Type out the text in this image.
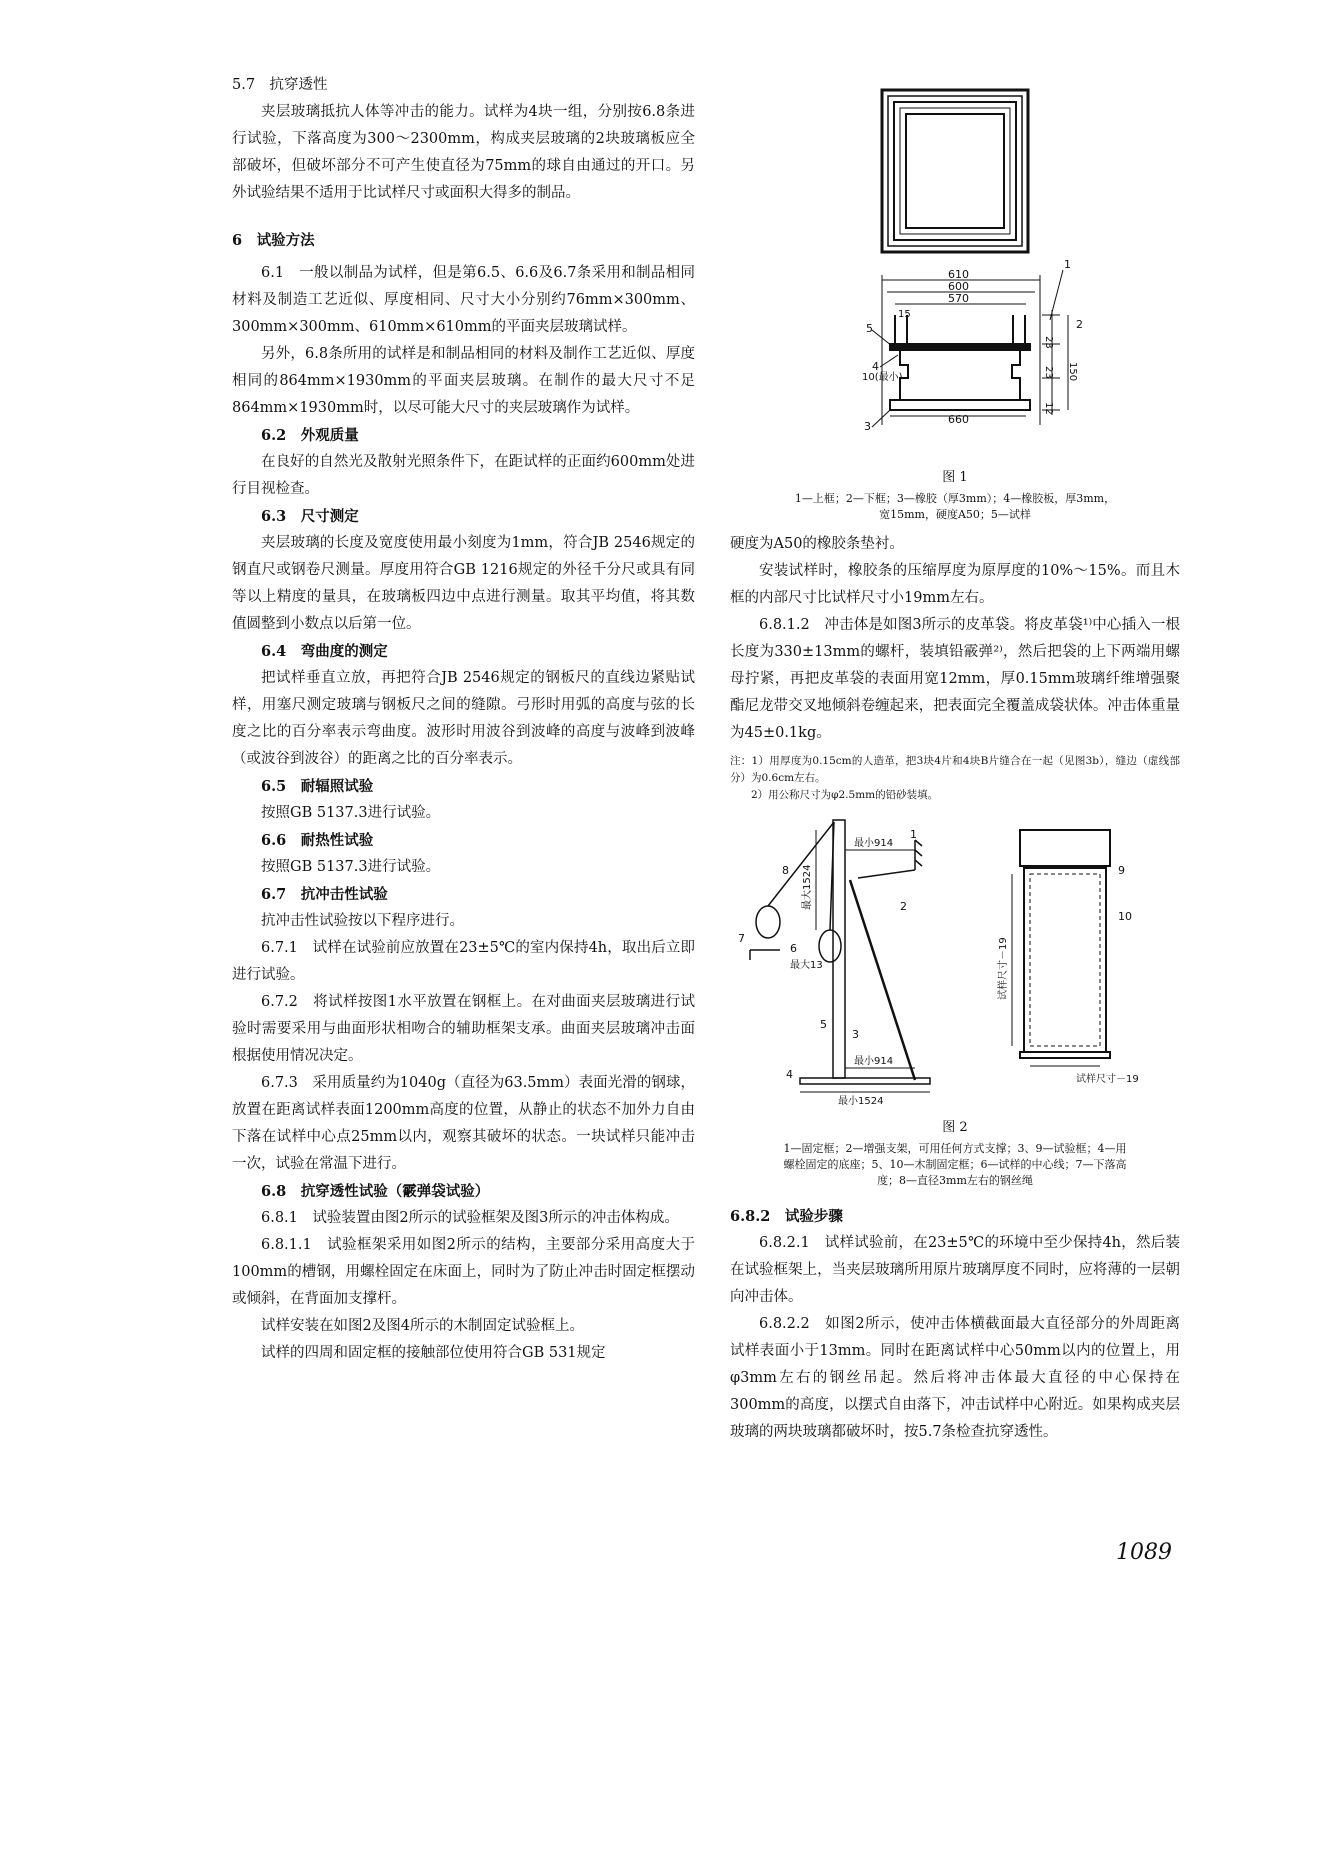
5.7　抗穿透性

夹层玻璃抵抗人体等冲击的能力。试样为4块一组，分别按6.8条进行试验，下落高度为300～2300mm，构成夹层玻璃的2块玻璃板应全部破坏，但破坏部分不可产生使直径为75mm的球自由通过的开口。另外试验结果不适用于比试样尺寸或面积大得多的制品。

6　试验方法

6.1　一般以制品为试样，但是第6.5、6.6及6.7条采用和制品相同材料及制造工艺近似、厚度相同、尺寸大小分别约76mm×300mm、300mm×300mm、610mm×610mm的平面夹层玻璃试样。

另外，6.8条所用的试样是和制品相同的材料及制作工艺近似、厚度相同的864mm×1930mm的平面夹层玻璃。在制作的最大尺寸不足864mm×1930mm时，以尽可能大尺寸的夹层玻璃作为试样。

6.2　外观质量

在良好的自然光及散射光照条件下，在距试样的正面约600mm处进行目视检查。

6.3　尺寸测定

夹层玻璃的长度及宽度使用最小刻度为1mm，符合JB 2546规定的钢直尺或钢卷尺测量。厚度用符合GB 1216规定的外径千分尺或具有同等以上精度的量具，在玻璃板四边中点进行测量。取其平均值，将其数值圆整到小数点以后第一位。

6.4　弯曲度的测定

把试样垂直立放，再把符合JB 2546规定的钢板尺的直线边紧贴试样，用塞尺测定玻璃与钢板尺之间的缝隙。弓形时用弧的高度与弦的长度之比的百分率表示弯曲度。波形时用波谷到波峰的高度与波峰到波峰（或波谷到波谷）的距离之比的百分率表示。

6.5　耐辐照试验

按照GB 5137.3进行试验。

6.6　耐热性试验

按照GB 5137.3进行试验。

6.7　抗冲击性试验

抗冲击性试验按以下程序进行。

6.7.1　试样在试验前应放置在23±5℃的室内保持4h，取出后立即进行试验。

6.7.2　将试样按图1水平放置在钢框上。在对曲面夹层玻璃进行试验时需要采用与曲面形状相吻合的辅助框架支承。曲面夹层玻璃冲击面根据使用情况决定。

6.7.3　采用质量约为1040g（直径为63.5mm）表面光滑的钢球，放置在距离试样表面1200mm高度的位置，从静止的状态不加外力自由下落在试样中心点25mm以内，观察其破坏的状态。一块试样只能冲击一次，试验在常温下进行。

6.8　抗穿透性试验（霰弹袋试验）

6.8.1　试验装置由图2所示的试验框架及图3所示的冲击体构成。

6.8.1.1　试验框架采用如图2所示的结构，主要部分采用高度大于100mm的槽钢，用螺栓固定在床面上，同时为了防止冲击时固定框摆动或倾斜，在背面加支撑杆。

试样安装在如图2及图4所示的木制固定试验框上。

试样的四周和固定框的接触部位使用符合GB 531规定

610
600
570
15
660
23
23 150
12
1
2
5
4
10(最小)
3

图 1

1—上框；2—下框；3—橡胶（厚3mm）；4—橡胶板，厚3mm，

宽15mm，硬度A50；5—试样

硬度为A50的橡胶条垫衬。

安装试样时，橡胶条的压缩厚度为原厚度的10%～15%。而且木框的内部尺寸比试样尺寸小19mm左右。

6.8.1.2　冲击体是如图3所示的皮革袋。将皮革袋¹⁾中心插入一根长度为330±13mm的螺杆，装填铅霰弹²⁾，然后把袋的上下两端用螺母拧紧，再把皮革袋的表面用宽12mm，厚0.15mm玻璃纤维增强聚酯尼龙带交叉地倾斜卷缠起来，把表面完全覆盖成袋状体。冲击体重量为45±0.1kg。

注：1）用厚度为0.15cm的人造革，把3块4片和4块B片缝合在一起（见图3b），缝边（虚线部分）为0.6cm左右。

2）用公称尺寸为φ2.5mm的铅砂装填。

最小914
最大1524
最大13
最小914
最小1524
1
2
3
4
5
6
7
8
试样尺寸－19
试样尺寸－19
9
10

图 2

1—固定框；2—增强支架，可用任何方式支撑；3、9—试验框；4—用

螺栓固定的底座；5、10—木制固定框；6—试样的中心线；7—下落高

度；8—直径3mm左右的钢丝绳

6.8.2　试验步骤

6.8.2.1　试样试验前，在23±5℃的环境中至少保持4h，然后装在试验框架上，当夹层玻璃所用原片玻璃厚度不同时，应将薄的一层朝向冲击体。

6.8.2.2　如图2所示，使冲击体横截面最大直径部分的外周距离试样表面小于13mm。同时在距离试样中心50mm以内的位置上，用φ3mm左右的钢丝吊起。然后将冲击体最大直径的中心保持在300mm的高度，以摆式自由落下，冲击试样中心附近。如果构成夹层玻璃的两块玻璃都破坏时，按5.7条检查抗穿透性。

1089
